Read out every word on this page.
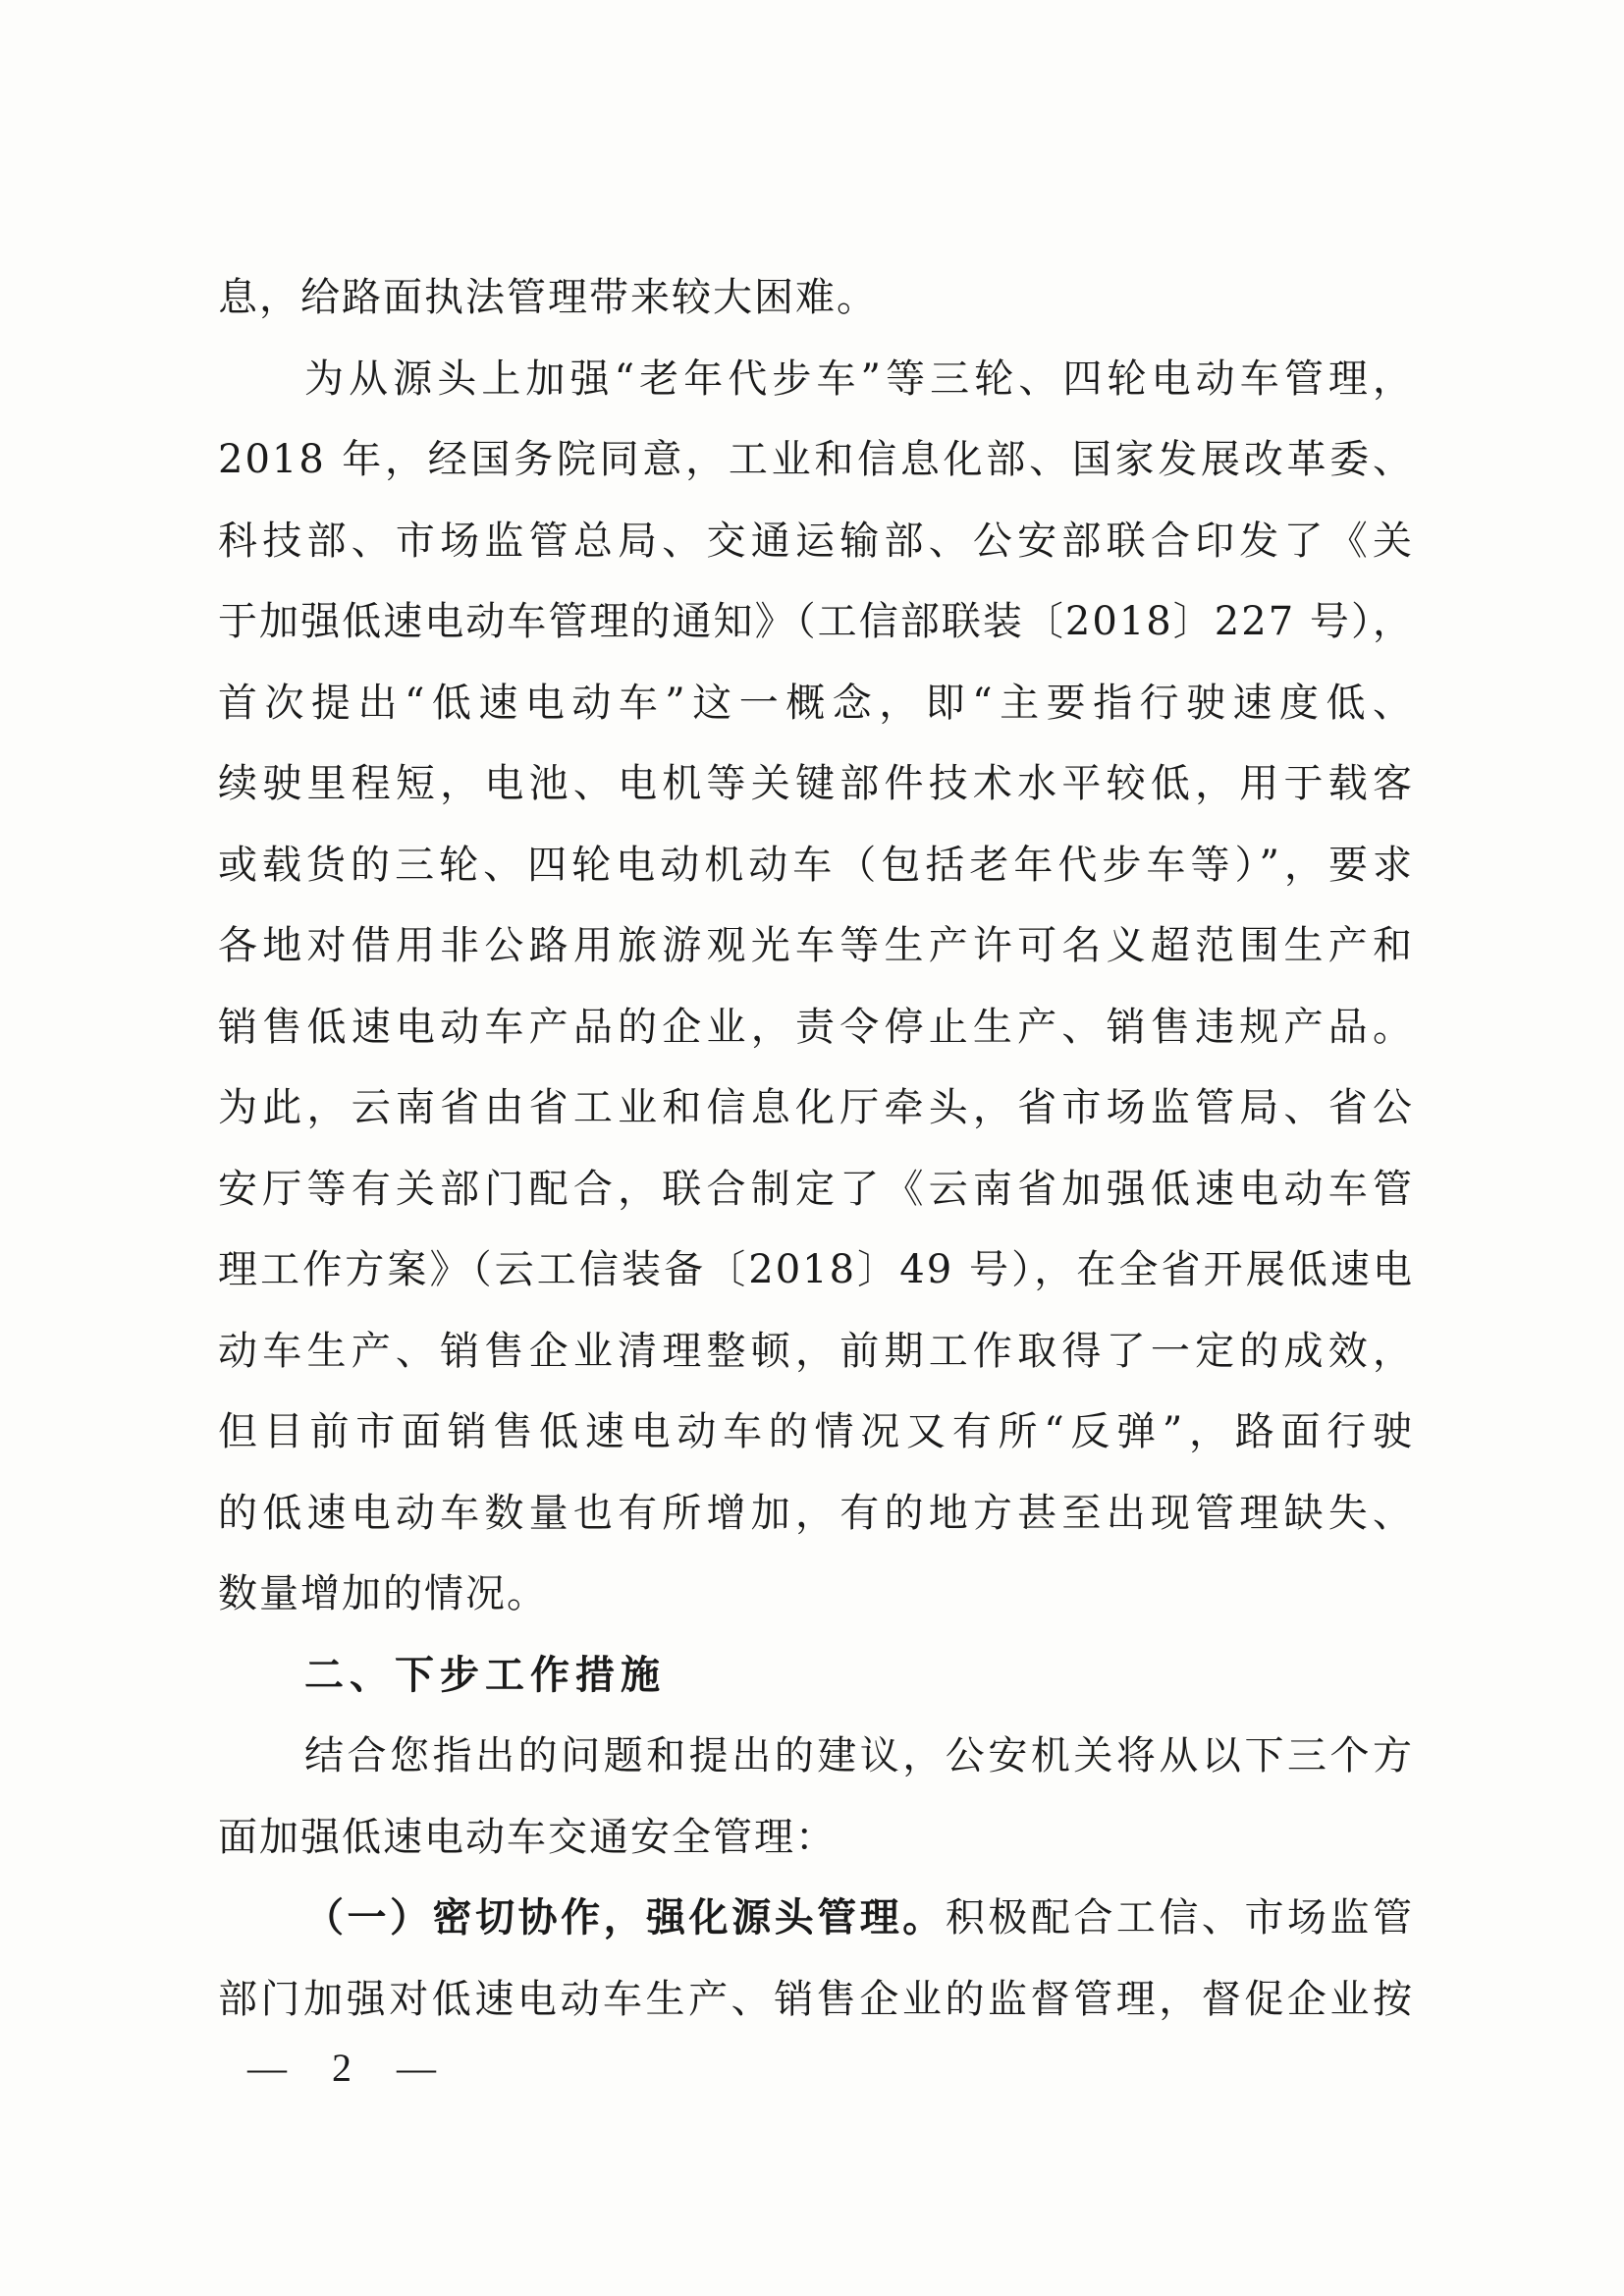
息，给路面执法管理带来较大困难。
为从源头上加强“老年代步车”等三轮、四轮电动车管理，
2018 年，经国务院同意，工业和信息化部、国家发展改革委、
科技部、市场监管总局、交通运输部、公安部联合印发了《关
于加强低速电动车管理的通知》（工信部联装〔2018〕227 号），
首次提出“低速电动车”这一概念，即“主要指行驶速度低、
续驶里程短，电池、电机等关键部件技术水平较低，用于载客
或载货的三轮、四轮电动机动车（包括老年代步车等）”，要求
各地对借用非公路用旅游观光车等生产许可名义超范围生产和
销售低速电动车产品的企业，责令停止生产、销售违规产品。
为此，云南省由省工业和信息化厅牵头，省市场监管局、省公
安厅等有关部门配合，联合制定了《云南省加强低速电动车管
理工作方案》（云工信装备〔2018〕49 号），在全省开展低速电
动车生产、销售企业清理整顿，前期工作取得了一定的成效，
但目前市面销售低速电动车的情况又有所“反弹”，路面行驶
的低速电动车数量也有所增加，有的地方甚至出现管理缺失、
数量增加的情况。
二、下步工作措施
结合您指出的问题和提出的建议，公安机关将从以下三个方
面加强低速电动车交通安全管理：
（一）密切协作，强化源头管理。积极配合工信、市场监管
部门加强对低速电动车生产、销售企业的监督管理，督促企业按
— 2 —
